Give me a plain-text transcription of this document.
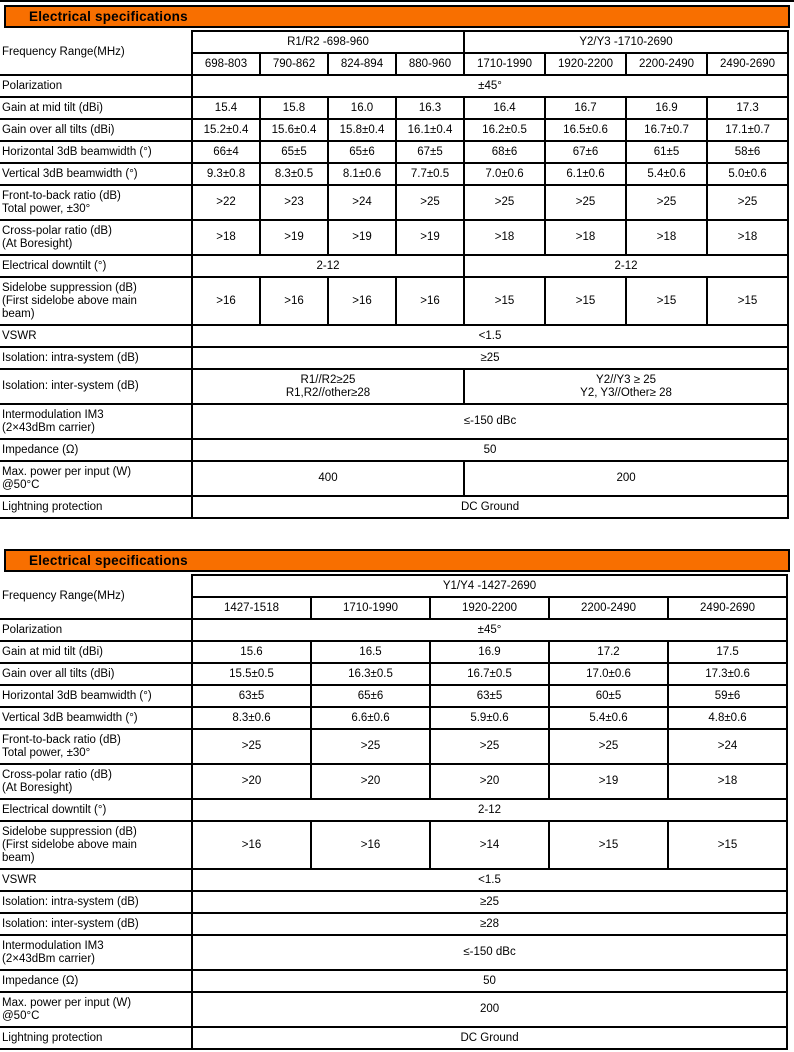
Electrical specifications
Frequency Range(MHz)	R1/R2 -698-960				Y2/Y3 -1710-2690			
	698-803	790-862	824-894	880-960	1710-1990	1920-2200	2200-2490	2490-2690

Polarization	±45°							

Gain at mid tilt (dBi)	15.4	15.8	16.0	16.3	16.4	16.7	16.9	17.3

Gain over all tilts (dBi)	15.2±0.4	15.6±0.4	15.8±0.4	16.1±0.4	16.2±0.5	16.5±0.6	16.7±0.7	17.1±0.7

Horizontal 3dB beamwidth (°)	66±4	65±5	65±6	67±5	68±6	67±6	61±5	58±6

Vertical 3dB beamwidth (°)	9.3±0.8	8.3±0.5	8.1±0.6	7.7±0.5	7.0±0.6	6.1±0.6	5.4±0.6	5.0±0.6

Front-to-back ratio (dB)
Total power, ±30°	>22	>23	>24	>25	>25	>25	>25	>25

Cross-polar ratio (dB)
(At Boresight)	>18	>19	>19	>19	>18	>18	>18	>18

Electrical downtilt (°)	2-12				2-12			

Sidelobe suppression (dB)
(First sidelobe above main
beam)	>16	>16	>16	>16	>15	>15	>15	>15

VSWR	<1.5							

Isolation: intra-system (dB)	≥25							

Isolation: inter-system (dB)	R1//R2≥25
R1,R2//other≥28				Y2//Y3 ≥ 25
Y2, Y3//Other≥ 28			

Intermodulation IM3
(2×43dBm carrier)	≤-150 dBc							

Impedance (Ω)	50							

Max. power per input (W)
@50°C	400				200			

Lightning protection	DC Ground							
Electrical specifications
Frequency Range(MHz)	Y1/Y4 -1427-2690				
	1427-1518	1710-1990	1920-2200	2200-2490	2490-2690

Polarization	±45°				

Gain at mid tilt (dBi)	15.6	16.5	16.9	17.2	17.5

Gain over all tilts (dBi)	15.5±0.5	16.3±0.5	16.7±0.5	17.0±0.6	17.3±0.6

Horizontal 3dB beamwidth (°)	63±5	65±6	63±5	60±5	59±6

Vertical 3dB beamwidth (°)	8.3±0.6	6.6±0.6	5.9±0.6	5.4±0.6	4.8±0.6

Front-to-back ratio (dB)
Total power, ±30°	>25	>25	>25	>25	>24

Cross-polar ratio (dB)
(At Boresight)	>20	>20	>20	>19	>18

Electrical downtilt (°)	2-12				

Sidelobe suppression (dB)
(First sidelobe above main
beam)	>16	>16	>14	>15	>15

VSWR	<1.5				

Isolation: intra-system (dB)	≥25				

Isolation: inter-system (dB)	≥28				

Intermodulation IM3
(2×43dBm carrier)	≤-150 dBc				

Impedance (Ω)	50				

Max. power per input (W)
@50°C	200				

Lightning protection	DC Ground				
